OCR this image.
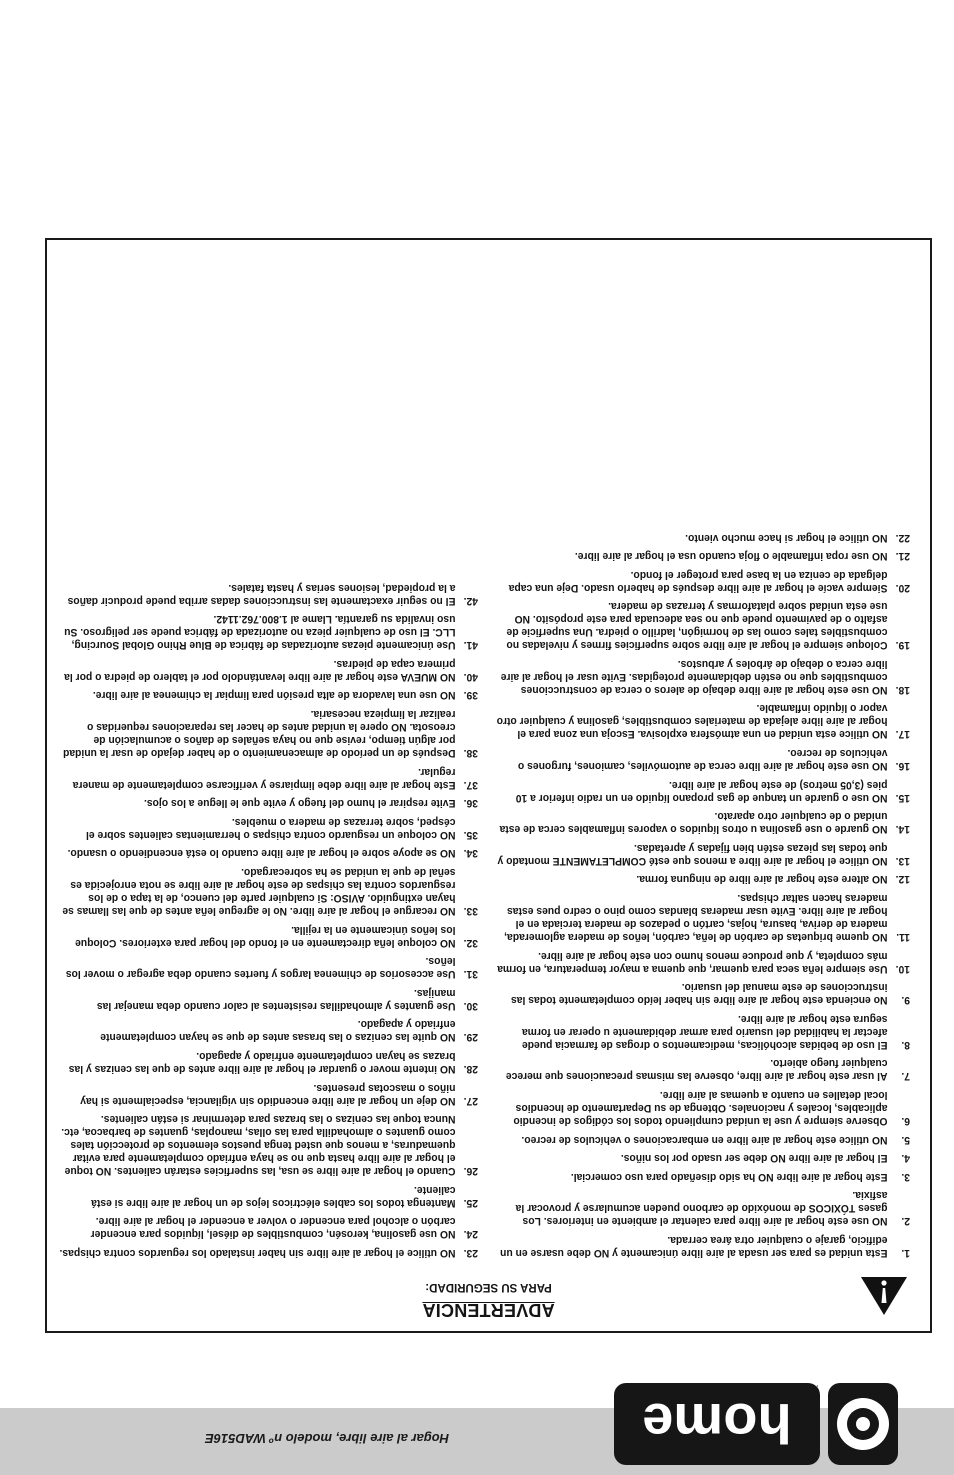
Hogar al aire libre, modelo nº WAD516E	home
TM
ADVERTENCIA
PARA SU SEGURIDAD:
1.
Esta unidad es para ser usada al aire libre únicamente y NO debe usarse en un edificio, garaje o cualquier otra área cerrada.
2.
NO use este hogar al aire libre para calentar el ambiente en interiores. Los gases TÓXICOS de monóxido de carbono pueden acumularse y provocar la asfixia.
3.
Este hogar al aire libre NO ha sido diseñado para uso comercial.
4.
El hogar al aire libre NO debe ser usado por los niños.
5.
NO utilice este hogar al aire libre en embarcaciones o vehículos de recreo.
6.
Observe siempre y use la unidad cumpliendo todos los códigos de incendio aplicables, locales y nacionales. Obtenga de su Departamento de Incendios local detalles en cuanto a quemas al aire libre.
7.
Al usar este hogar al aire libre, observe las mismas precauciones que merece cualquier fuego abierto.
8.
El uso de bebidas alcohólicas, medicamentos o drogas de farmacia puede afectar la habilidad del usuario para armar debidamente u operar en forma segura este hogar al aire libre.
9.
No encienda este hogar al aire libre sin haber leído completamente todas las instrucciones de este manual del usuario.
10.
Use siempre leña seca para quemar, que quema a mayor temperatura, en forma más completa, y que produce menos humo con este hogar al aire libre.
11.
NO queme briquetas de carbón de leña, carbón, leños de madera aglomerada, madera de deriva, basura, hojas, cartón o pedazos de madera terciada en el hogar al aire libre. Evite usar maderas blandas como pino o cedro pues estas maderas hacen saltar chispas.
12.
NO altere este hogar al aire libre de ninguna forma.
13.
NO utilice el hogar al aire libre a menos que esté COMPLETAMENTE montado y que todas las piezas estén bien fijadas y apretadas.
14.
NO guarde o use gasolina u otros líquidos o vapores inflamables cerca de esta unidad o de cualquier otro aparato.
15.
NO use o guarde un tanque de gas propano líquido en un radio inferior a 10 pies (3,05 metros) de este hogar al aire libre.
16.
NO use este hogar al aire libre cerca de automóviles, camiones, furgones o vehículos de recreo.
17.
NO utilice esta unidad en una atmósfera explosiva. Escoja una zona para el hogar al aire libre alejada de materiales combustibles, gasolina y cualquier otro vapor o líquido inflamable.
18.
NO use este hogar al aire libre debajo de aleros o cerca de construcciones combustibles que no estén debidamente protegidas. Evite usar el hogar al aire libre cerca o debajo de árboles y arbustos.
19.
Coloque siempre el hogar al aire libre sobre superficies firmes y niveladas no combustibles tales como las de hormigón, ladrillo o piedra. Una superficie de asfalto o de pavimento puede que no sea adecuada para este propósito. NO use esta unidad sobre plataformas y terrazas de madera.
20.
Siempre vacíe el hogar al aire libre después de haberlo usado. Deje una capa delgada de ceniza en la base para proteger el fondo.
21.
NO use ropa inflamable o floja cuando usa el hogar al aire libre.
22.
NO utilice el hogar si hace mucho viento.
23.
NO utilice el hogar al aire libre sin haber instalado los reguardos contra chispas.
24.
NO use gasolina, kerosén, combustibles de diésel, líquidos para encender carbón o alcohol para encender o volver a encender el hogar al aire libre.
25.
Mantenga todos los cables eléctricos lejos de un hogar al aire libre si está caliente.
26.
Cuando el hogar al aire libre se usa, las superficies estarán calientes. NO toque el hogar al aire libre hasta que no se haya enfriado completamente para evitar quemaduras, a menos que usted tenga puestos elementos de protección tales como guantes o almohadilla para las ollas, manoplas, guantes de barbacoa, etc. Nunca toque las cenizas o las brazas para determinar si están calientes.
27.
NO deje un hogar al aire libre encendido sin vigilancia, especialmente si hay niños o mascotas presentes.
28.
NO intente mover o guardar el hogar al aire libre antes de que las cenizas y las brazas se hayan completamente enfriado y apagado.
29.
NO quite las cenizas o las brasas antes de que se hayan completamente enfriado y apagado.
30.
Use guantes y almohadillas resistentes al calor cuando deba manejar las manijas.
31.
Use accesorios de chimenea largos y fuertes cuando deba agregar o mover los leños.
32.
NO coloque leña directamente en el fondo del hogar para exteriores. Coloque los leños únicamente en la rejilla.
33.
NO recargue el hogar al aire libre. No le agregue leña antes de que las llamas se hayan extinguido. AVISO: Si cualquier parte del cuenco, de la tapa o de los resguardos contra las chispas de este hogar al aire libre se nota enrojecida es señal de que la unidad se ha sobrecargado.
34.
NO se apoye sobre el hogar al aire libre cuando lo está encendiendo o usando.
35.
NO coloque un resguardo contra chispas o herramientas calientes sobre el césped, sobre terrazas de madera o muebles.
36.
Evite respirar el humo del fuego y evite que le llegue a los ojos.
37.
Este hogar al aire libre debe limpiarse y verificarse completamente de manera regular.
38.
Después de un período de almacenamiento o de haber dejado de usar la unidad por algún tiempo, revise que no haya señales de daños o acumulación de creosota. NO opere la unidad antes de hacer las reparaciones requeridas o realizar la limpieza necesaria.
39.
NO use una lavadora de alta presión para limpiar la chimenea al aire libre.
40.
NO MUEVA este hogar al aire libre levantándolo por el tablero de piedra o por la primera capa de piedras.
41.
Use únicamente piezas autorizadas de fábrica de Blue Rhino Global Sourcing, LLC. El uso de cualquier pieza no autorizada de fábrica puede ser peligroso. Su uso invalida su garantía. Llame al 1.800.762.1142.
42.
El no seguir exactamente las instrucciones dadas arriba puede producir daños a la propiedad, lesiones serias y hasta fatales.
